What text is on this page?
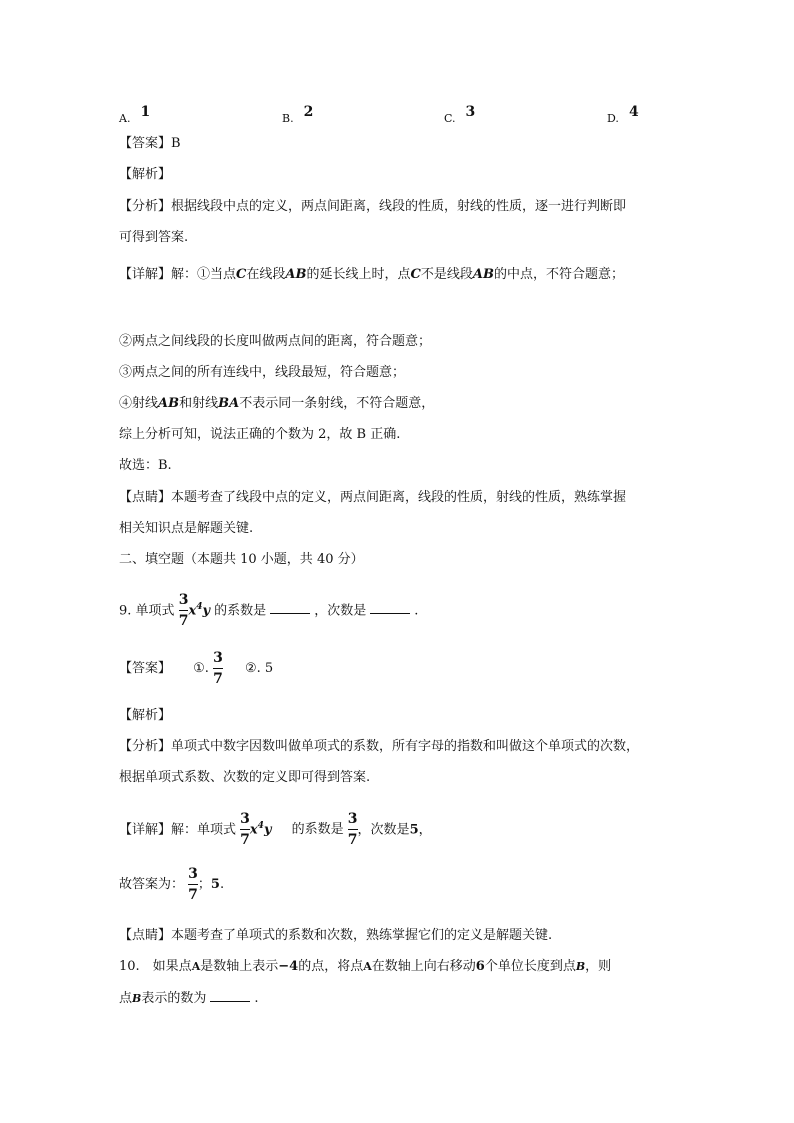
$_{A.}$ 1	$_{B.}$ 2	$_{C.}$ 3	$_{D.}$ 4
【答案】B
【解析】
【分析】根据线段中点的定义，两点间距离，线段的性质，射线的性质，逐一进行判断即
可得到答案.
【详解】解：①当点C在线段AB的延长线上时，点C不是线段AB的中点，不符合题意；
②两点之间线段的长度叫做两点间的距离，符合题意；
③两点之间的所有连线中，线段最短，符合题意；
④射线AB和射线BA不表示同一条射线，不符合题意，
综上分析可知，说法正确的个数为 2，故 B 正确.
故选：B.
【点睛】本题考查了线段中点的定义，两点间距离，线段的性质，射线的性质，熟练掌握
相关知识点是解题关键.
二、填空题（本题共 10 小题，共 40 分）
9. 单项式 $\frac{3}{7} x^4y$ 的系数是	，次数是	.
【答案】 ①. $\frac{3}{7}$ ②. 5
【解析】
【分析】单项式中数字因数叫做单项式的系数，所有字母的指数和叫做这个单项式的次数，
根据单项式系数、次数的定义即可得到答案.
【详解】解：单项式 $\frac{3}{7} x^4y$ 的系数是 $\frac{3}{7}$ ，次数是5，
故答案为： $\frac{3}{7}$ ；5.
【点睛】本题考查了单项式的系数和次数，熟练掌握它们的定义是解题关键.
10.　如果点A是数轴上表示−4的点，将点A在数轴上向右移动6个单位长度到点B，则
点B表示的数为	.
